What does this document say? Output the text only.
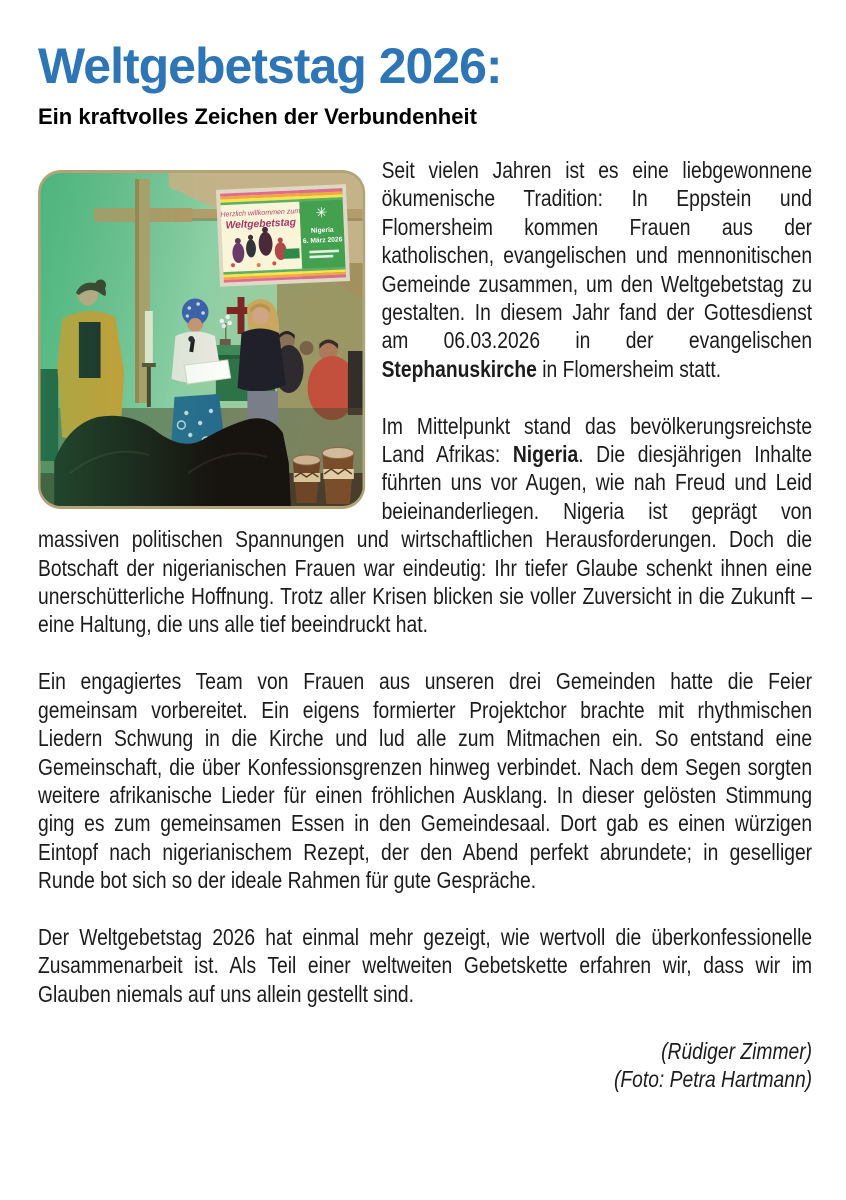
Weltgebetstag 2026:
Ein kraftvolles Zeichen der Verbundenheit

Seit vielen Jahren ist es eine liebgewonnene ökumenische Tradition: In Eppstein und Flomersheim kommen Frauen aus der katholischen, evangelischen und mennonitischen Gemeinde zusammen, um den Weltgebetstag zu gestalten. In diesem Jahr fand der Gottesdienst am 06.03.2026 in der evangelischen Stephanuskirche in Flomersheim statt.

Im Mittelpunkt stand das bevölkerungsreichste Land Afrikas: Nigeria. Die diesjährigen Inhalte führten uns vor Augen, wie nah Freud und Leid beieinanderliegen. Nigeria ist geprägt von massiven politischen Spannungen und wirtschaftlichen Herausforderungen. Doch die Botschaft der nigerianischen Frauen war eindeutig: Ihr tiefer Glaube schenkt ihnen eine unerschütterliche Hoffnung. Trotz aller Krisen blicken sie voller Zuversicht in die Zukunft – eine Haltung, die uns alle tief beeindruckt hat.

Ein engagiertes Team von Frauen aus unseren drei Gemeinden hatte die Feier gemeinsam vorbereitet. Ein eigens formierter Projektchor brachte mit rhythmischen Liedern Schwung in die Kirche und lud alle zum Mitmachen ein. So entstand eine Gemeinschaft, die über Konfessionsgrenzen hinweg verbindet. Nach dem Segen sorgten weitere afrikanische Lieder für einen fröhlichen Ausklang. In dieser gelösten Stimmung ging es zum gemeinsamen Essen in den Gemeindesaal. Dort gab es einen würzigen Eintopf nach nigerianischem Rezept, der den Abend perfekt abrundete; in geselliger Runde bot sich so der ideale Rahmen für gute Gespräche.

Der Weltgebetstag 2026 hat einmal mehr gezeigt, wie wertvoll die überkonfessionelle Zusammenarbeit ist. Als Teil einer weltweiten Gebetskette erfahren wir, dass wir im Glauben niemals auf uns allein gestellt sind.

(Rüdiger Zimmer)

(Foto: Petra Hartmann)
